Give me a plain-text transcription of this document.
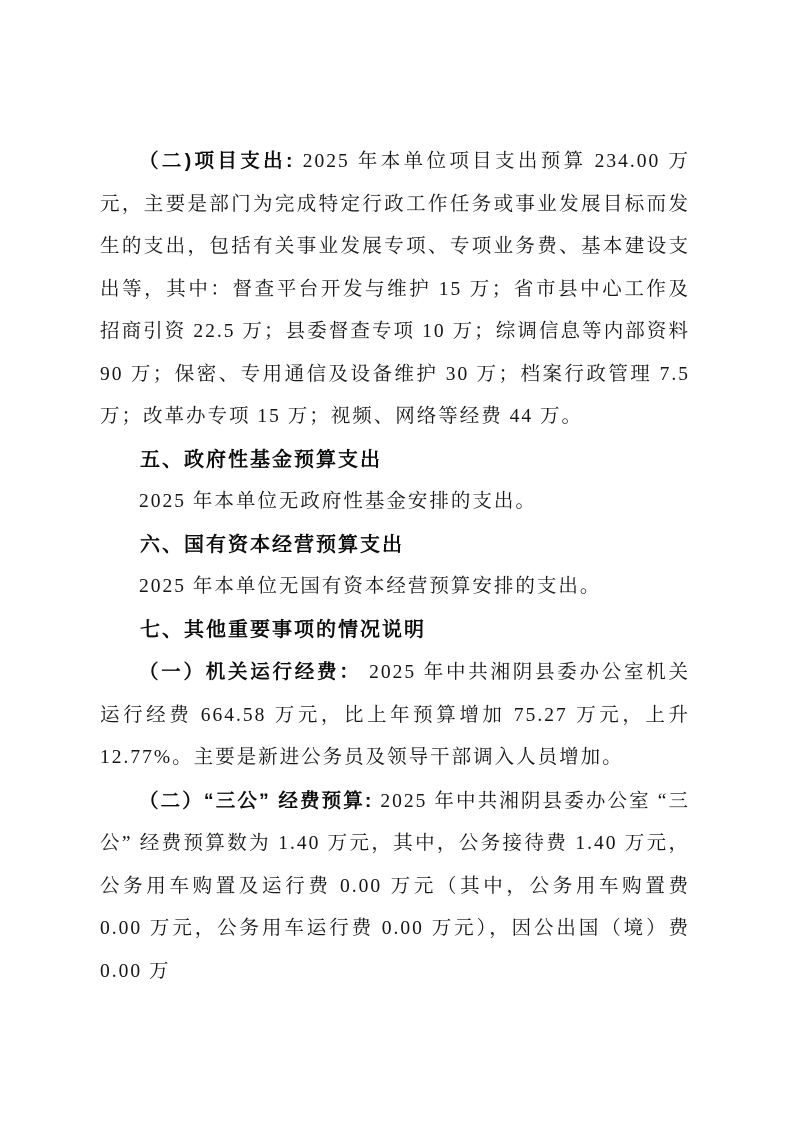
（二)项目支出: 2025 年本单位项目支出预算 234.00 万元，主要是部门为完成特定行政工作任务或事业发展目标而发生的支出，包括有关事业发展专项、专项业务费、基本建设支出等，其中：督查平台开发与维护 15 万；省市县中心工作及招商引资 22.5 万；县委督查专项 10 万；综调信息等内部资料 90 万；保密、专用通信及设备维护 30 万；档案行政管理 7.5 万；改革办专项 15 万；视频、网络等经费 44 万。

五、政府性基金预算支出

2025 年本单位无政府性基金安排的支出。

六、国有资本经营预算支出

2025 年本单位无国有资本经营预算安排的支出。

七、其他重要事项的情况说明

（一）机关运行经费： 2025 年中共湘阴县委办公室机关运行经费 664.58 万元，比上年预算增加 75.27 万元，上升 12.77%。主要是新进公务员及领导干部调入人员增加。

（二）“三公” 经费预算: 2025 年中共湘阴县委办公室 “三公” 经费预算数为 1.40 万元，其中，公务接待费 1.40 万元，公务用车购置及运行费 0.00 万元（其中，公务用车购置费 0.00 万元，公务用车运行费 0.00 万元），因公出国（境）费 0.00 万
